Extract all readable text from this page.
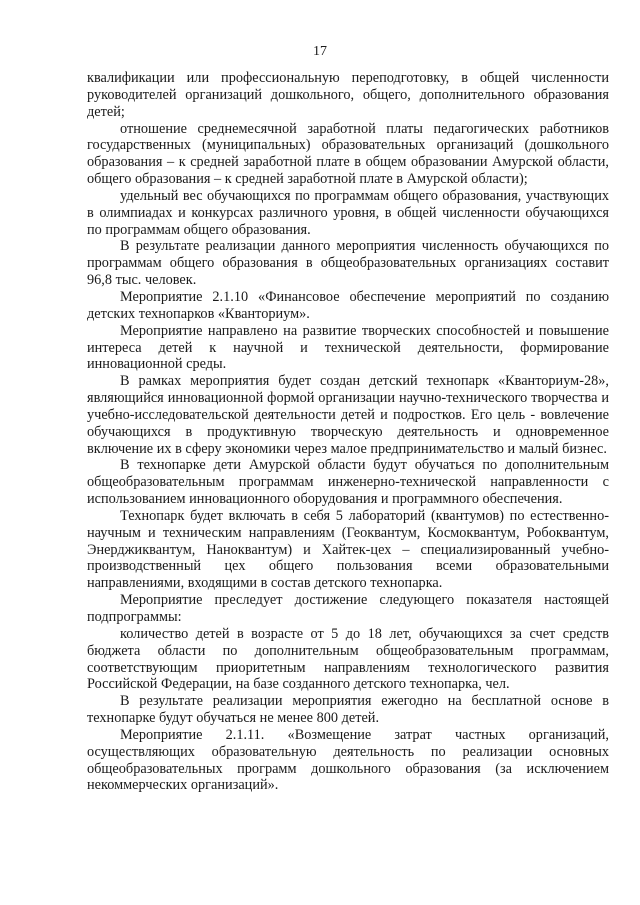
17

квалификации или профессиональную переподготовку, в общей численности руководителей организаций дошкольного, общего, дополнительного образования детей;

отношение среднемесячной заработной платы педагогических работников государственных (муниципальных) образовательных организаций (дошкольного образования – к средней заработной плате в общем образовании Амурской области, общего образования – к средней заработной плате в Амурской области);

удельный вес обучающихся по программам общего образования, участвующих в олимпиадах и конкурсах различного уровня, в общей численности обучающихся по программам общего образования.

В результате реализации данного мероприятия численность обучающихся по программам общего образования в общеобразовательных организациях составит 96,8 тыс. человек.

Мероприятие 2.1.10 «Финансовое обеспечение мероприятий по созданию детских технопарков «Кванториум».

Мероприятие направлено на развитие творческих способностей и повышение интереса детей к научной и технической деятельности, формирование инновационной среды.

В рамках мероприятия будет создан детский технопарк «Кванториум-28», являющийся инновационной формой организации научно-технического творчества и учебно-исследовательской деятельности детей и подростков. Его цель - вовлечение обучающихся в продуктивную творческую деятельность и одновременное включение их в сферу экономики через малое предпринимательство и малый бизнес.

В технопарке дети Амурской области будут обучаться по дополнительным общеобразовательным программам инженерно-технической направленности с использованием инновационного оборудования и программного обеспечения.

Технопарк будет включать в себя 5 лабораторий (квантумов) по естественно-научным и техническим направлениям (Геоквантум, Космоквантум, Робоквантум, Энерджиквантум, Наноквантум) и Хайтек-цех – специализированный учебно-производственный цех общего пользования всеми образовательными направлениями, входящими в состав детского технопарка.

Мероприятие преследует достижение следующего показателя настоящей подпрограммы:

количество детей в возрасте от 5 до 18 лет, обучающихся за счет средств бюджета области по дополнительным общеобразовательным программам, соответствующим приоритетным направлениям технологического развития Российской Федерации, на базе созданного детского технопарка, чел.

В результате реализации мероприятия ежегодно на бесплатной основе в технопарке будут обучаться не менее 800 детей.

Мероприятие 2.1.11. «Возмещение затрат частных организаций, осуществляющих образовательную деятельность по реализации основных общеобразовательных программ дошкольного образования (за исключением некоммерческих организаций».
